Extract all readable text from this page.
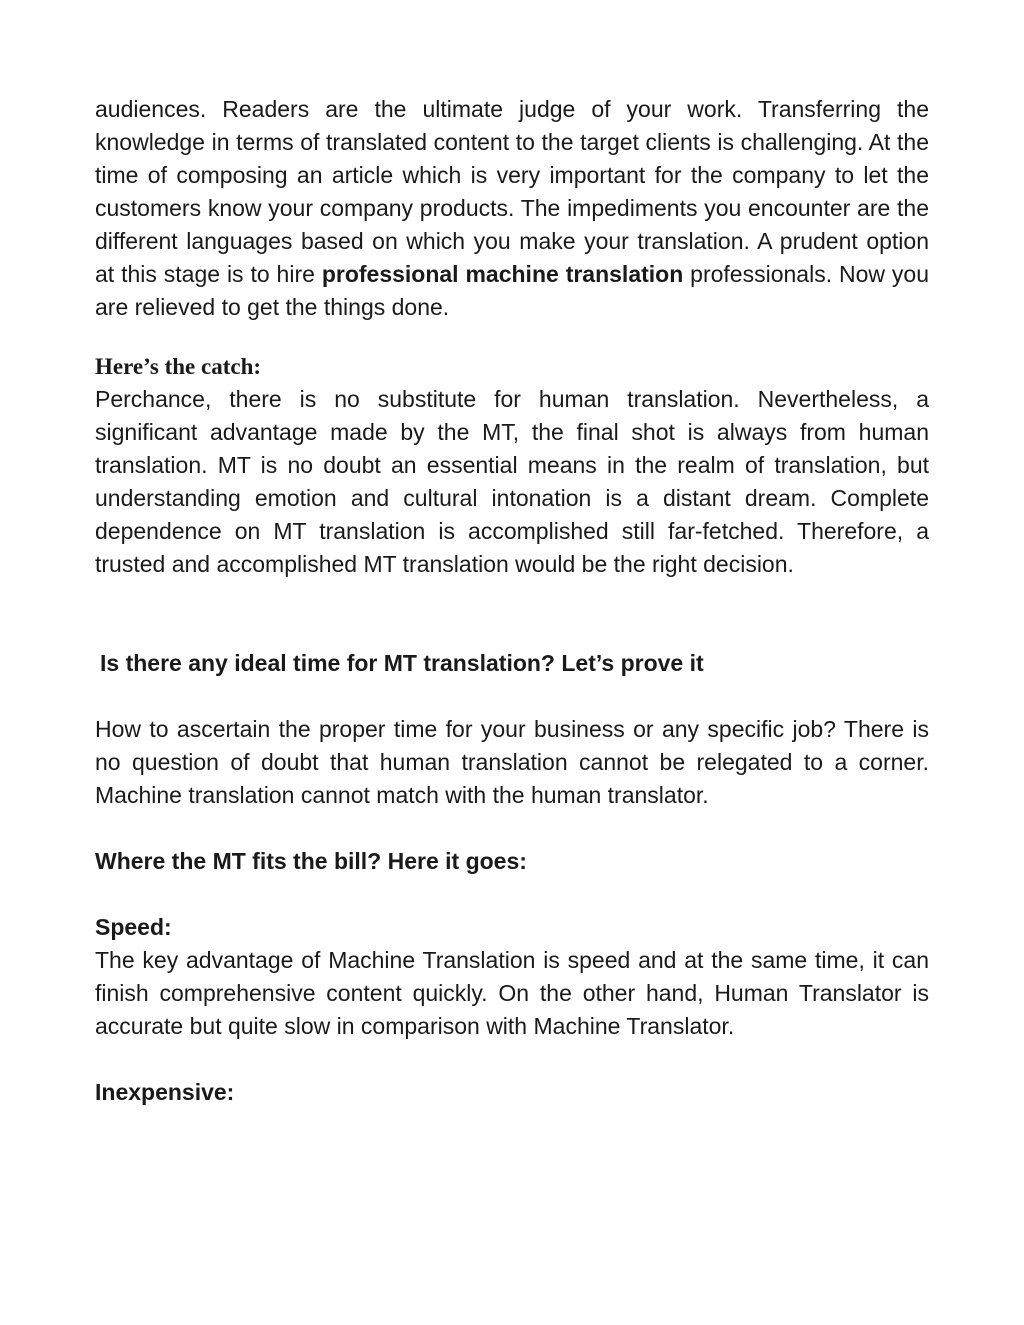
audiences. Readers are the ultimate judge of your work. Transferring the knowledge in terms of translated content to the target clients is challenging. At the time of composing an article which is very important for the company to let the customers know your company products. The impediments you encounter are the different languages based on which you make your translation. A prudent option at this stage is to hire professional machine translation professionals. Now you are relieved to get the things done.

Here’s the catch:

Perchance, there is no substitute for human translation. Nevertheless, a significant advantage made by the MT, the final shot is always from human translation. MT is no doubt an essential means in the realm of translation, but understanding emotion and cultural intonation is a distant dream. Complete dependence on MT translation is accomplished still far-fetched. Therefore, a trusted and accomplished MT translation would be the right decision.

Is there any ideal time for MT translation? Let’s prove it

How to ascertain the proper time for your business or any specific job? There is no question of doubt that human translation cannot be relegated to a corner. Machine translation cannot match with the human translator.

Where the MT fits the bill? Here it goes:

Speed:

The key advantage of Machine Translation is speed and at the same time, it can finish comprehensive content quickly. On the other hand, Human Translator is accurate but quite slow in comparison with Machine Translator.

Inexpensive:
